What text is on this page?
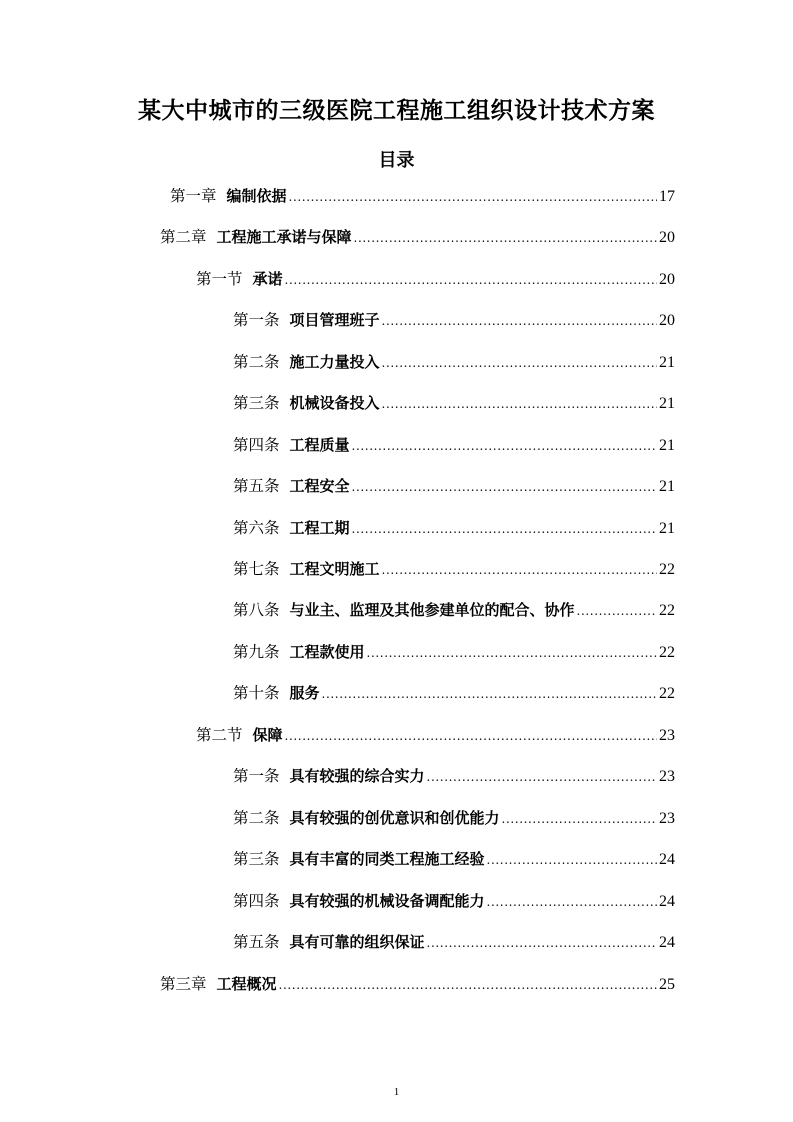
某大中城市的三级医院工程施工组织设计技术方案
目录
第一章 编制依据 .....	17
第二章 工程施工承诺与保障 .....	20
第一节 承诺 .....	20
第一条 项目管理班子 .....	20
第二条 施工力量投入 .....	21
第三条 机械设备投入 .....	21
第四条 工程质量 .....	21
第五条 工程安全 .....	21
第六条 工程工期 .....	21
第七条 工程文明施工 .....	22
第八条 与业主、监理及其他参建单位的配合、协作 .....	22
第九条 工程款使用 .....	22
第十条 服务 .....	22
第二节 保障 .....	23
第一条 具有较强的综合实力 .....	23
第二条 具有较强的创优意识和创优能力 .....	23
第三条 具有丰富的同类工程施工经验 .....	24
第四条 具有较强的机械设备调配能力 .....	24
第五条 具有可靠的组织保证 .....	24
第三章 工程概况 .....	25
1
